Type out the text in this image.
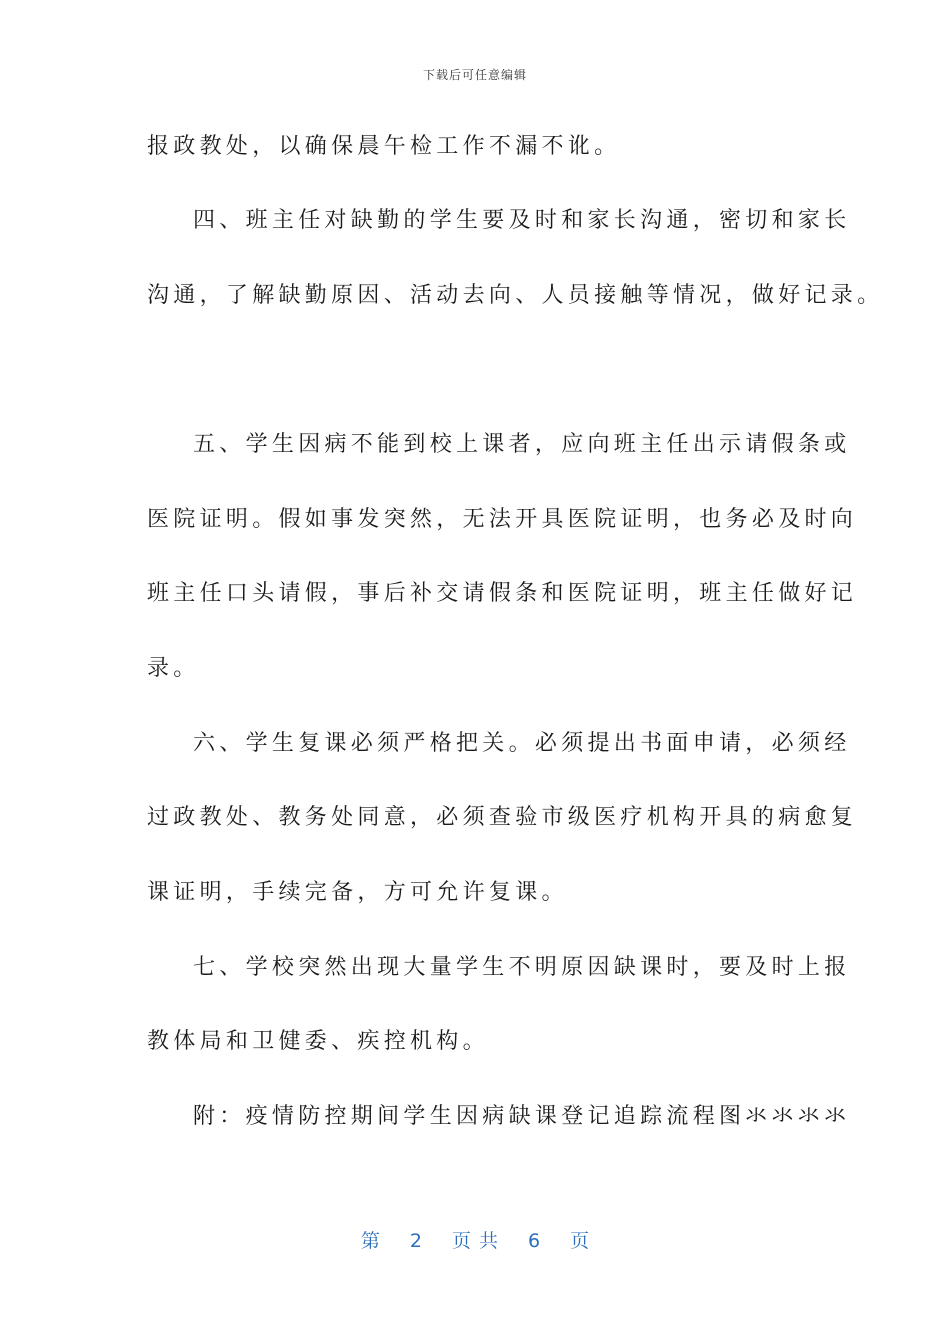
下载后可任意编辑
报政教处，以确保晨午检工作不漏不讹。
四、班主任对缺勤的学生要及时和家长沟通，密切和家长
沟通，了解缺勤原因、活动去向、人员接触等情况，做好记录。
五、学生因病不能到校上课者，应向班主任出示请假条或
医院证明。假如事发突然，无法开具医院证明，也务必及时向
班主任口头请假，事后补交请假条和医院证明，班主任做好记
录。
六、学生复课必须严格把关。必须提出书面申请，必须经
过政教处、教务处同意，必须查验市级医疗机构开具的病愈复
课证明，手续完备，方可允许复课。
七、学校突然出现大量学生不明原因缺课时，要及时上报
教体局和卫健委、疾控机构。
附：疫情防控期间学生因病缺课登记追踪流程图氺氺氺氺
第 2 页共 6 页
